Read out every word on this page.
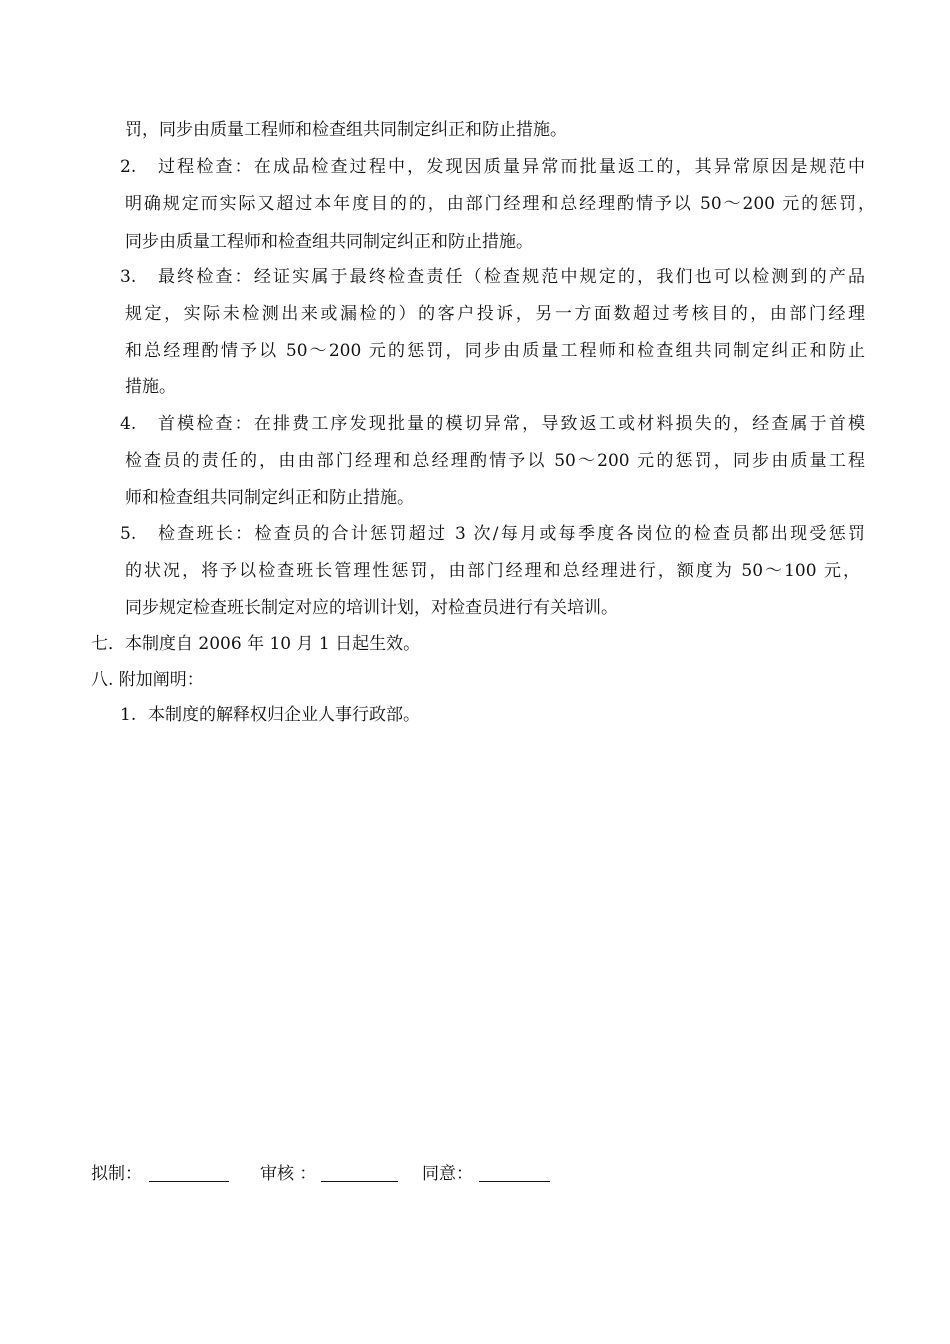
罚，同步由质量工程师和检查组共同制定纠正和防止措施。
2. 过程检查：在成品检查过程中，发现因质量异常而批量返工的，其异常原因是规范中
明确规定而实际又超过本年度目的的，由部门经理和总经理酌情予以 50～200 元的惩罚，
同步由质量工程师和检查组共同制定纠正和防止措施。
3. 最终检查：经证实属于最终检查责任（检查规范中规定的，我们也可以检测到的产品
规定，实际未检测出来或漏检的）的客户投诉，另一方面数超过考核目的，由部门经理
和总经理酌情予以 50～200 元的惩罚，同步由质量工程师和检查组共同制定纠正和防止
措施。
4. 首模检查：在排费工序发现批量的模切异常，导致返工或材料损失的，经查属于首模
检查员的责任的，由由部门经理和总经理酌情予以 50～200 元的惩罚，同步由质量工程
师和检查组共同制定纠正和防止措施。
5. 检查班长：检查员的合计惩罚超过 3 次/每月或每季度各岗位的检查员都出现受惩罚
的状况，将予以检查班长管理性惩罚，由部门经理和总经理进行，额度为 50～100 元，
同步规定检查班长制定对应的培训计划，对检查员进行有关培训。
七．本制度自 2006 年 10 月 1 日起生效。
八. 附加阐明：
1. 本制度的解释权归企业人事行政部。
拟制：	审核 ：	同意：
